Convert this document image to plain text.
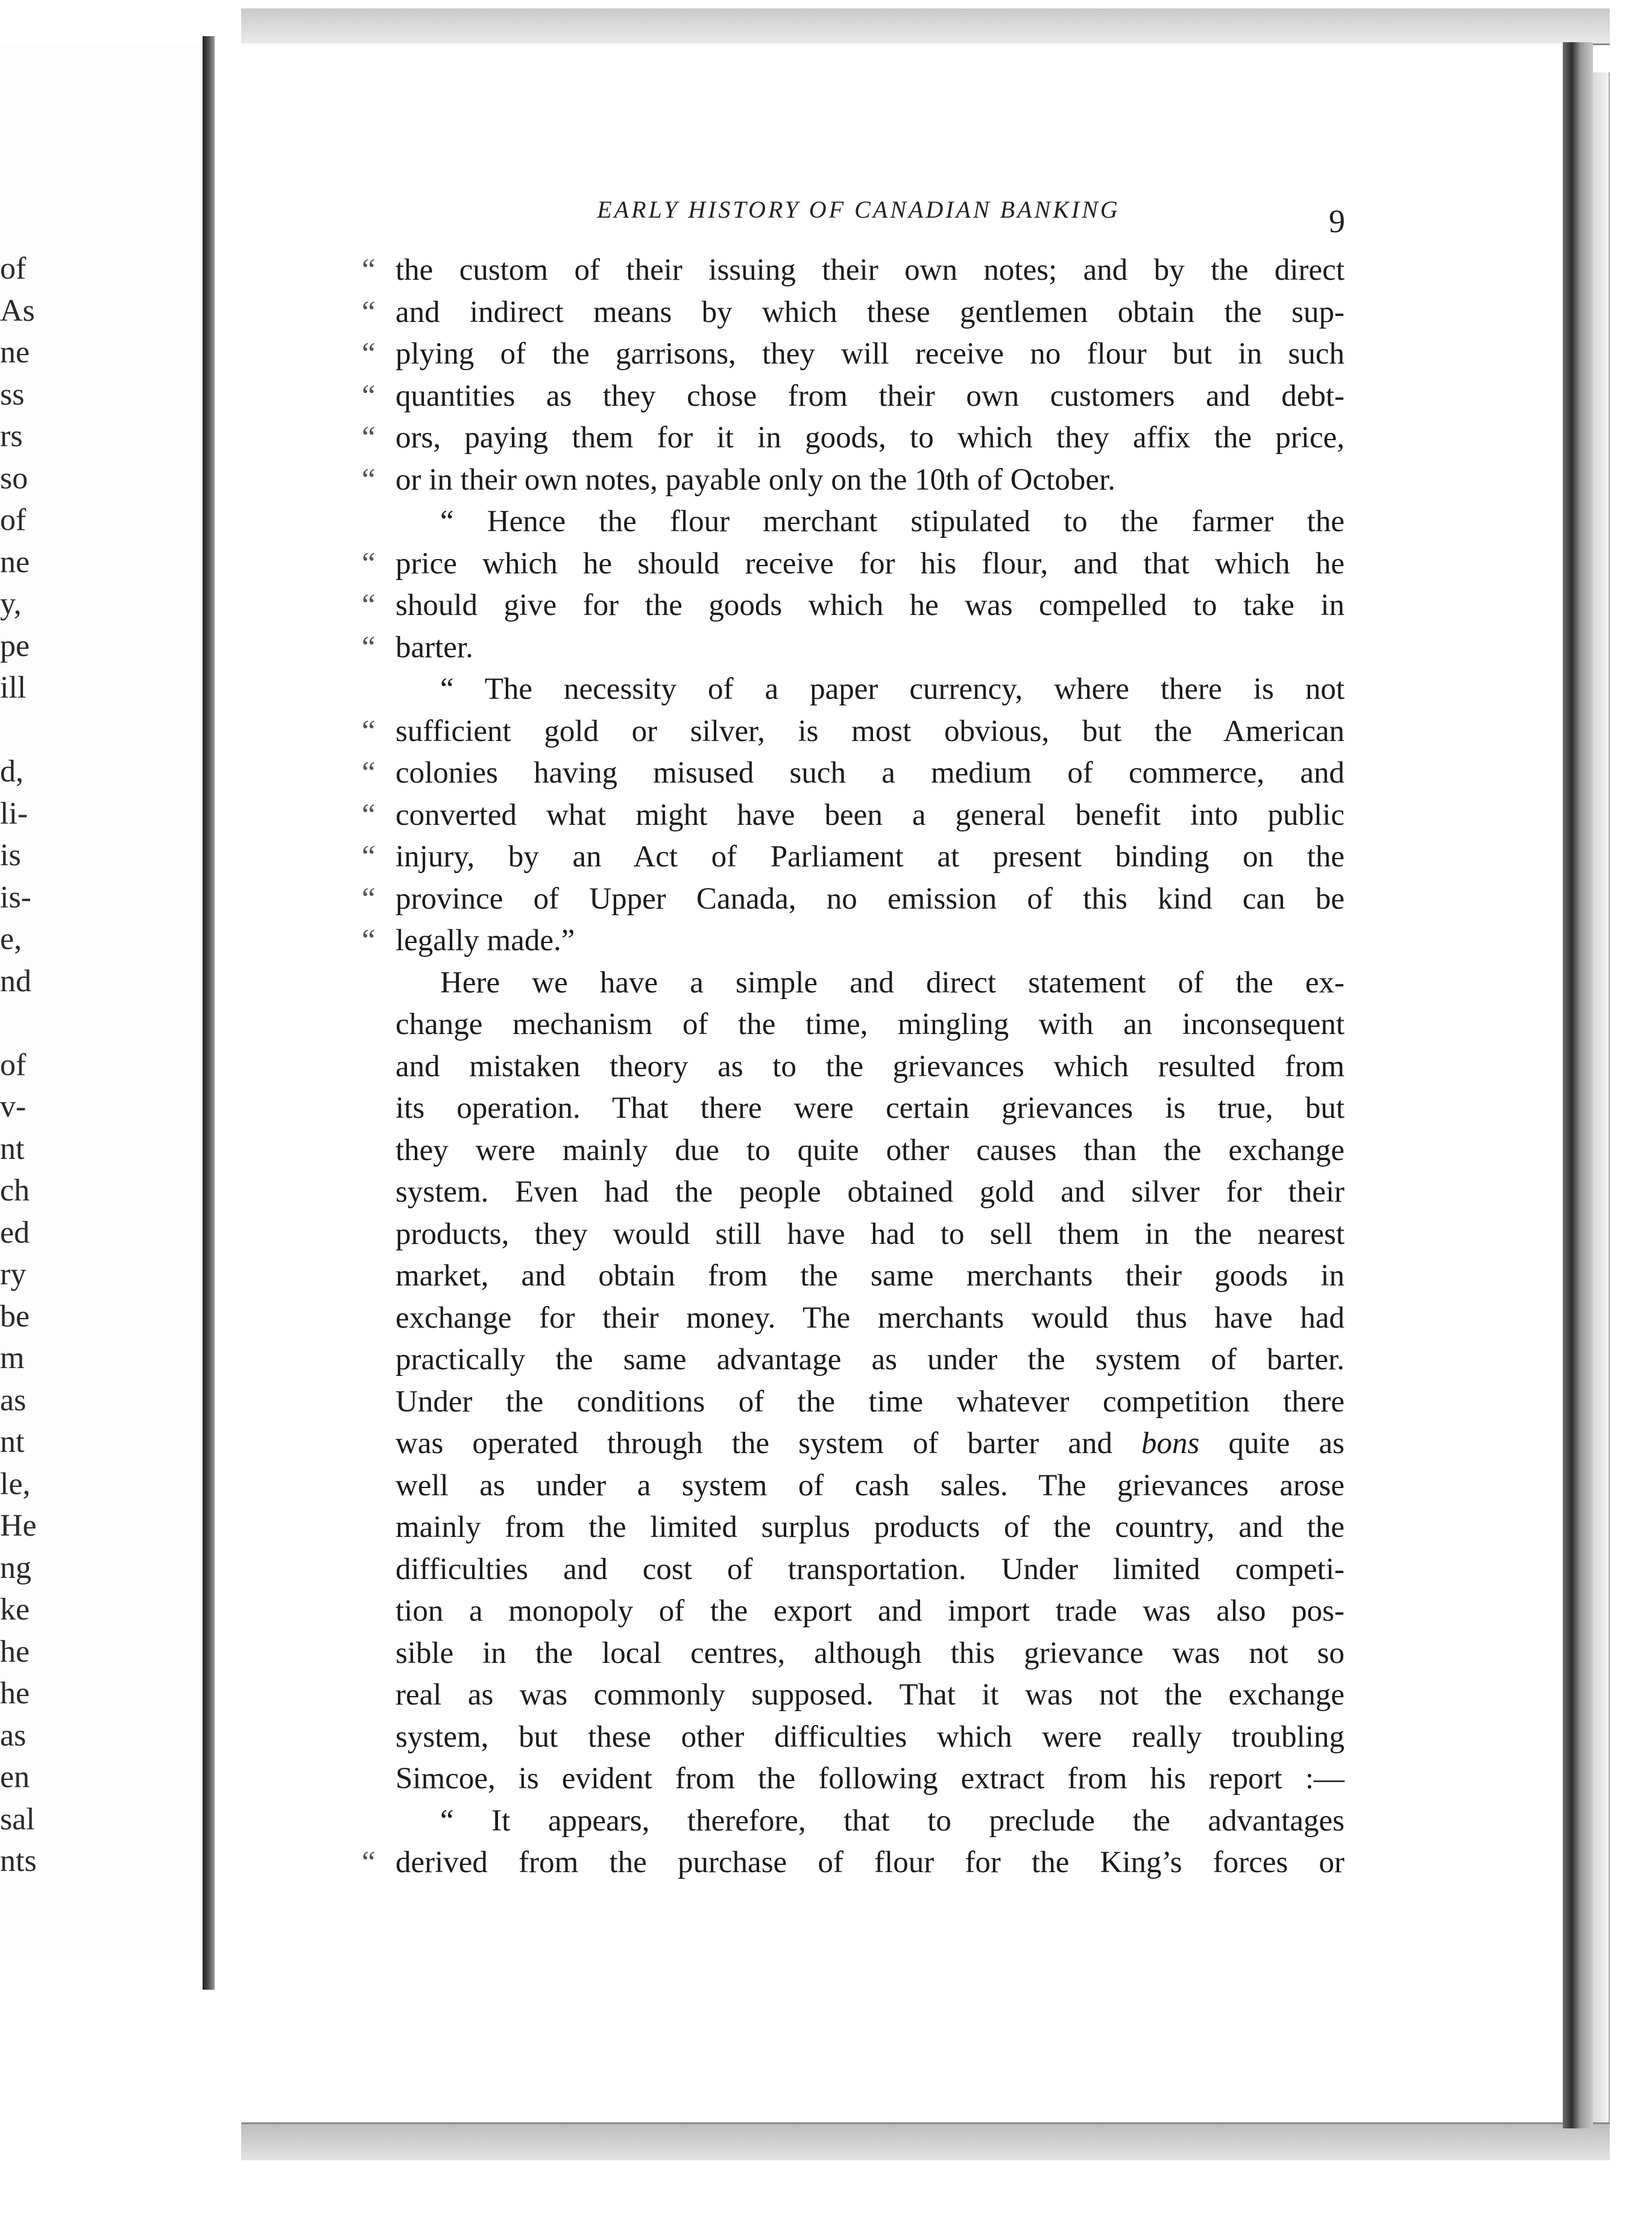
EARLY HISTORY OF CANADIAN BANKING	9
of
As
ne
ss
rs
so
of
ne
y,
pe
ill
d,
li-
is
is-
e,
nd
of
v-
nt
ch
ed
ry
be
m
as
nt
le,
He
ng
ke
he
he
as
en
sal
nts
“ the custom of their issuing their own notes; and by the direct
“ and indirect means by which these gentlemen obtain the sup-
“ plying of the garrisons, they will receive no flour but in such
“ quantities as they chose from their own customers and debt-
“ ors, paying them for it in goods, to which they affix the price,
“ or in their own notes, payable only on the 10th of October.
“ Hence the flour merchant stipulated to the farmer the
“ price which he should receive for his flour, and that which he
“ should give for the goods which he was compelled to take in
“ barter.
“ The necessity of a paper currency, where there is not
“ sufficient gold or silver, is most obvious, but the American
“ colonies having misused such a medium of commerce, and
“ converted what might have been a general benefit into public
“ injury, by an Act of Parliament at present binding on the
“ province of Upper Canada, no emission of this kind can be
“ legally made.”
Here we have a simple and direct statement of the ex-
change mechanism of the time, mingling with an inconsequent
and mistaken theory as to the grievances which resulted from
its operation. That there were certain grievances is true, but
they were mainly due to quite other causes than the exchange
system. Even had the people obtained gold and silver for their
products, they would still have had to sell them in the nearest
market, and obtain from the same merchants their goods in
exchange for their money. The merchants would thus have had
practically the same advantage as under the system of barter.
Under the conditions of the time whatever competition there
was operated through the system of barter and bons quite as
well as under a system of cash sales. The grievances arose
mainly from the limited surplus products of the country, and the
difficulties and cost of transportation. Under limited competi-
tion a monopoly of the export and import trade was also pos-
sible in the local centres, although this grievance was not so
real as was commonly supposed. That it was not the exchange
system, but these other difficulties which were really troubling
Simcoe, is evident from the following extract from his report :—
“ It appears, therefore, that to preclude the advantages
“ derived from the purchase of flour for the King’s forces or
